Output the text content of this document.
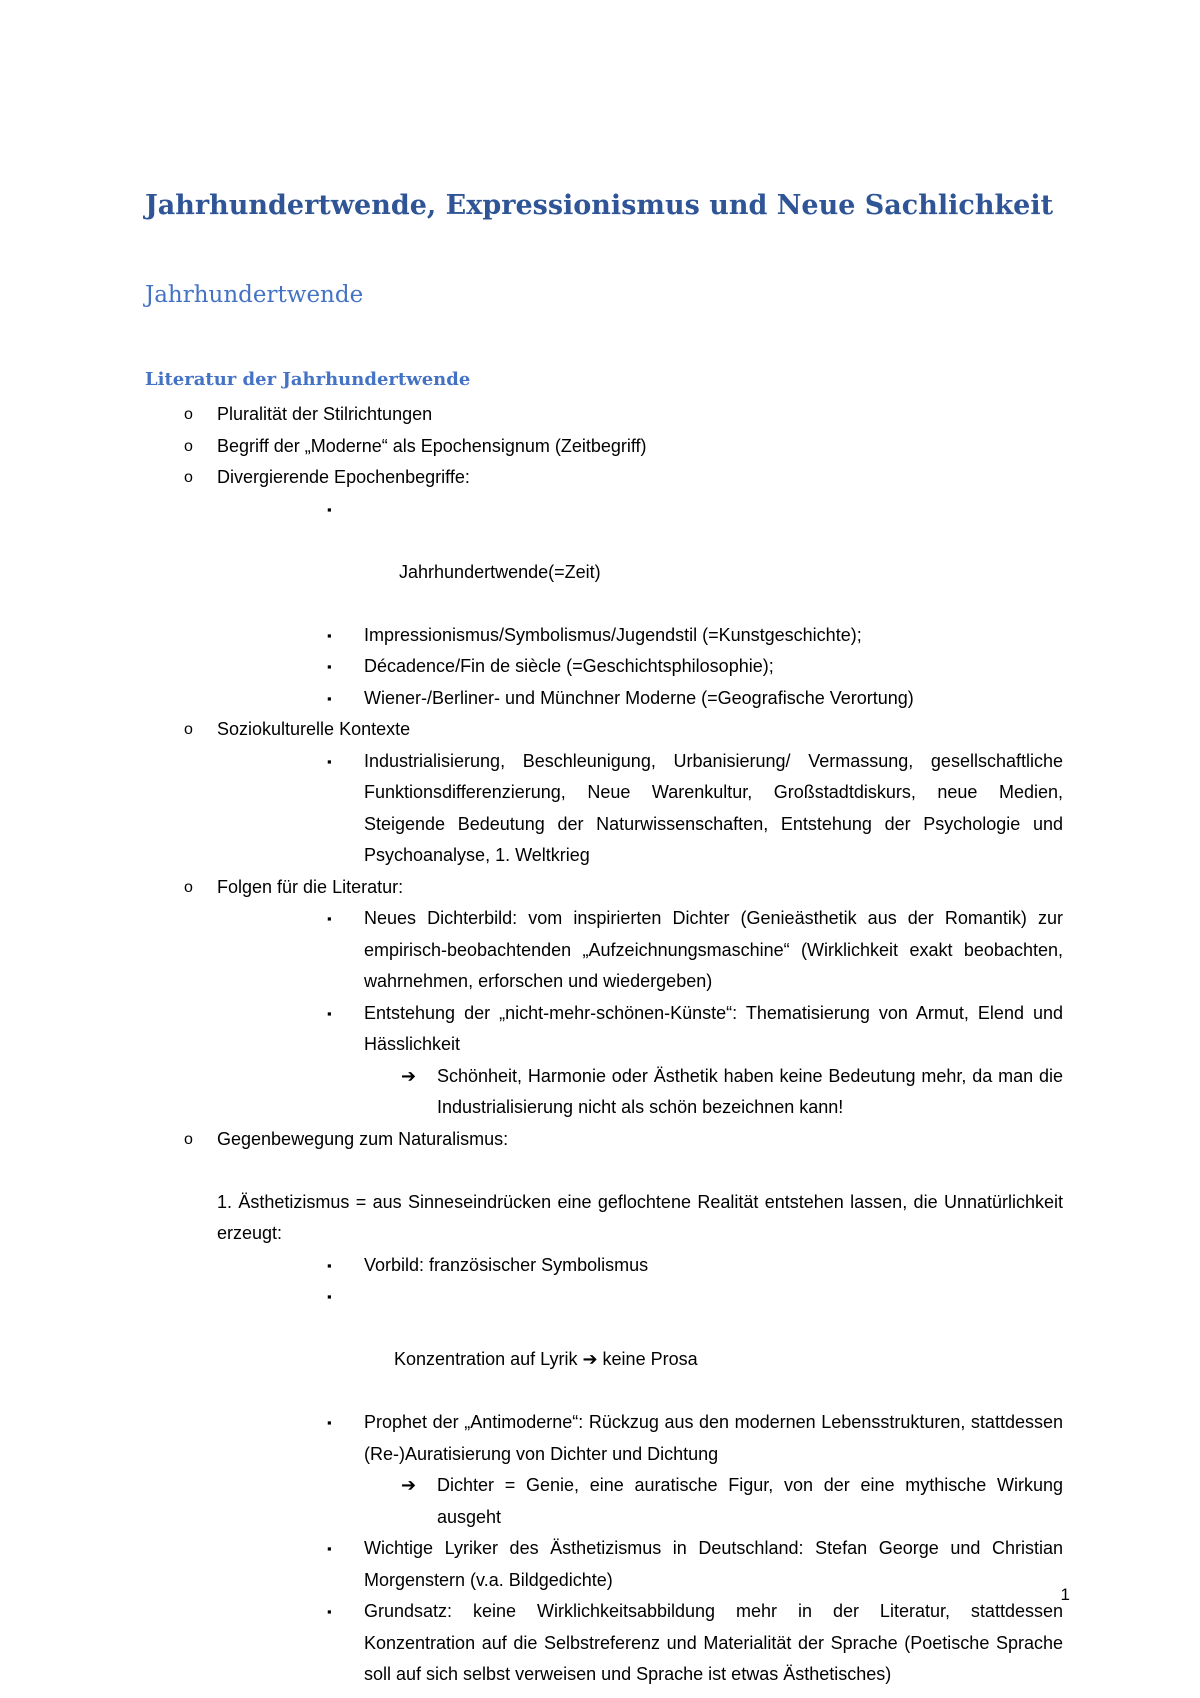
Jahrhundertwende, Expressionismus und Neue Sachlichkeit
Jahrhundertwende
Literatur der Jahrhundertwende
o Pluralität der Stilrichtungen
o Begriff der „Moderne“ als Epochensignum (Zeitbegriff)
o Divergierende Epochenbegriffe:

▪

Jahrhundertwende(=Zeit)

▪ Impressionismus/Symbolismus/Jugendstil (=Kunstgeschichte);
▪ Décadence/Fin de siècle (=Geschichtsphilosophie);
▪ Wiener-/Berliner- und Münchner Moderne (=Geografische Verortung)
o Soziokulturelle Kontexte
▪ Industrialisierung, Beschleunigung, Urbanisierung/ Vermassung, gesellschaftliche Funktionsdifferenzierung, Neue Warenkultur, Großstadtdiskurs, neue Medien, Steigende Bedeutung der Naturwissenschaften, Entstehung der Psychologie und Psychoanalyse, 1. Weltkrieg
o Folgen für die Literatur:
▪ Neues Dichterbild: vom inspirierten Dichter (Genieästhetik aus der Romantik) zur empirisch-beobachtenden „Aufzeichnungsmaschine“ (Wirklichkeit exakt beobachten, wahrnehmen, erforschen und wiedergeben)
▪ Entstehung der „nicht-mehr-schönen-Künste“: Thematisierung von Armut, Elend und Hässlichkeit
➔ Schönheit, Harmonie oder Ästhetik haben keine Bedeutung mehr, da man die Industrialisierung nicht als schön bezeichnen kann!
o Gegenbewegung zum Naturalismus:
1. Ästhetizismus = aus Sinneseindrücken eine geflochtene Realität entstehen lassen, die Unnatürlichkeit erzeugt:
▪ Vorbild: französischer Symbolismus

▪

Konzentration auf Lyrik ➔ keine Prosa

▪ Prophet der „Antimoderne“: Rückzug aus den modernen Lebensstrukturen, stattdessen (Re-)Auratisierung von Dichter und Dichtung
➔ Dichter = Genie, eine auratische Figur, von der eine mythische Wirkung ausgeht
▪ Wichtige Lyriker des Ästhetizismus in Deutschland: Stefan George und Christian Morgenstern (v.a. Bildgedichte)
▪ Grundsatz: keine Wirklichkeitsabbildung mehr in der Literatur, stattdessen Konzentration auf die Selbstreferenz und Materialität der Sprache (Poetische Sprache soll auf sich selbst verweisen und Sprache ist etwas Ästhetisches)
1
